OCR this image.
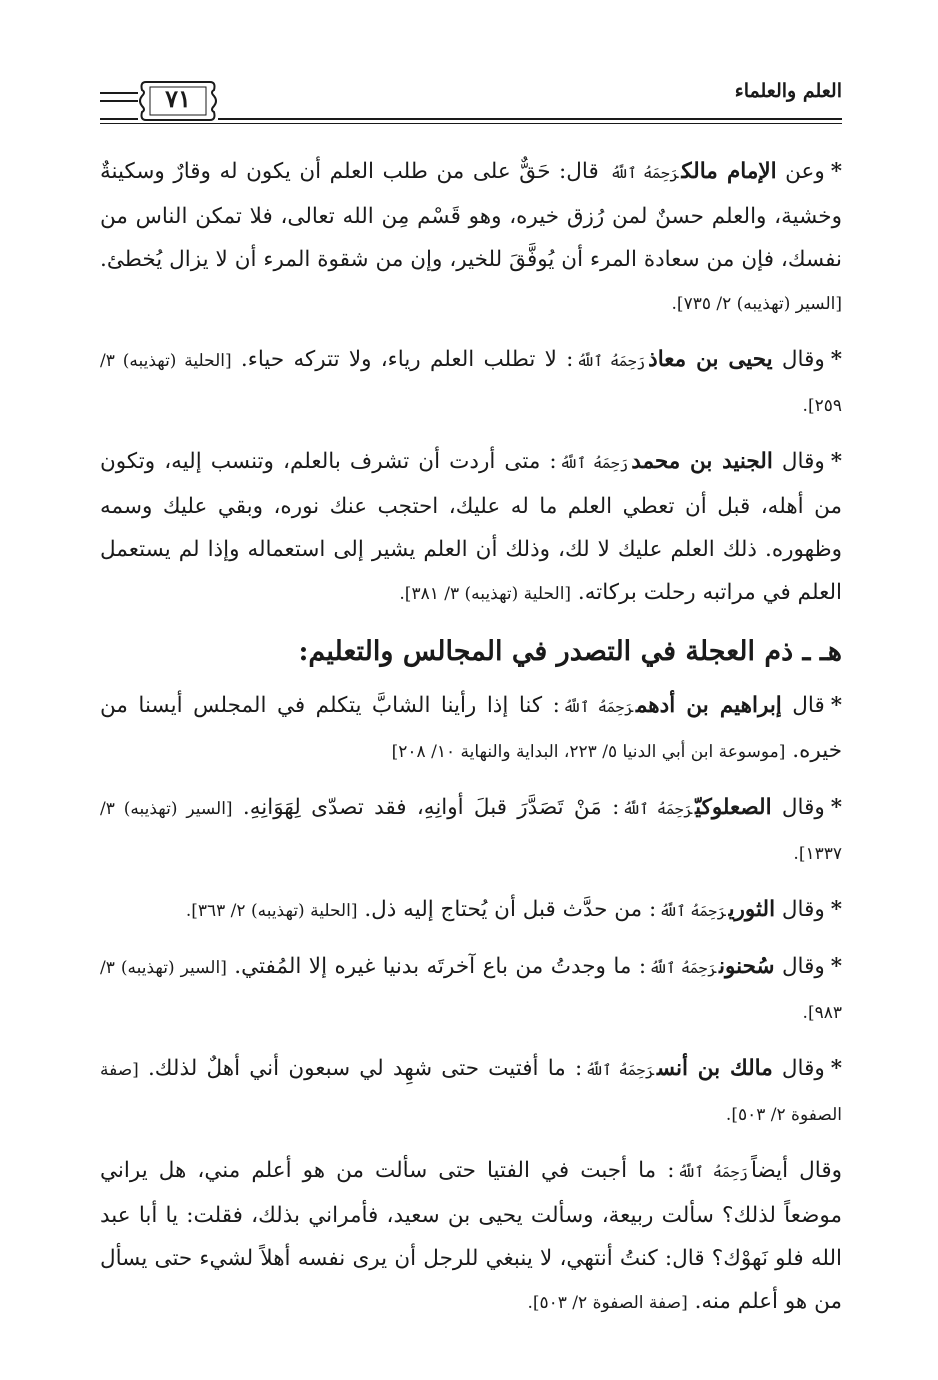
٧١	العلم والعلماء

*وعن الإمام مالكرَحِمَهُ ٱللَّهُ قال: حَقٌّ على من طلب العلم أن يكون له وقارٌ وسكينةٌ وخشية، والعلم حسنٌ لمن رُزق خيره، وهو قَسْم مِن الله تعالى، فلا تمكن الناس من نفسك، فإن من سعادة المرء أن يُوفَّقَ للخير، وإن من شقوة المرء أن لا يزال يُخطئ. [السير (تهذيبه) ٢/ ٧٣٥].

*وقال يحيى بن معاذرَحِمَهُ ٱللَّهُ: لا تطلب العلم رياء، ولا تتركه حياء. [الحلية (تهذيبه) ٣/ ٢٥٩].

*وقال الجنيد بن محمدرَحِمَهُ ٱللَّهُ: متى أردت أن تشرف بالعلم، وتنسب إليه، وتكون من أهله، قبل أن تعطي العلم ما له عليك، احتجب عنك نوره، وبقي عليك وسمه وظهوره. ذلك العلم عليك لا لك، وذلك أن العلم يشير إلى استعماله وإذا لم يستعمل العلم في مراتبه رحلت بركاته. [الحلية (تهذيبه) ٣/ ٣٨١].

هـ ـ ذم العجلة في التصدر في المجالس والتعليم:

*قال إبراهيم بن أدهمرَحِمَهُ ٱللَّهُ: كنا إذا رأينا الشابَّ يتكلم في المجلس أيسنا من خيره. [موسوعة ابن أبي الدنيا ٥/ ٢٢٣، البداية والنهاية ١٠/ ٢٠٨]

*وقال الصعلوكيّرَحِمَهُ ٱللَّهُ: مَنْ تَصَدَّرَ قبلَ أوانِهِ، فقد تصدّى لِهَوَانِهِ. [السير (تهذيبه) ٣/ ١٣٣٧].

*وقال الثوريرَحِمَهُ ٱللَّهُ: من حدَّث قبل أن يُحتاج إليه ذل. [الحلية (تهذيبه) ٢/ ٣٦٣].

*وقال سُحنونرَحِمَهُ ٱللَّهُ: ما وجدتُ من باع آخرتَه بدنيا غيره إلا المُفتي. [السير (تهذيبه) ٣/ ٩٨٣].

*وقال مالك بن أنسرَحِمَهُ ٱللَّهُ: ما أفتيت حتى شهِد لي سبعون أني أهلٌ لذلك. [صفة الصفوة ٢/ ٥٠٣].

وقال أيضاًرَحِمَهُ ٱللَّهُ: ما أجبت في الفتيا حتى سألت من هو أعلم مني، هل يراني موضعاً لذلك؟ سألت ربيعة، وسألت يحيى بن سعيد، فأمراني بذلك، فقلت: يا أبا عبد الله فلو نَهوْك؟ قال: كنتُ أنتهي، لا ينبغي للرجل أن يرى نفسه أهلاً لشيء حتى يسأل من هو أعلم منه. [صفة الصفوة ٢/ ٥٠٣].
